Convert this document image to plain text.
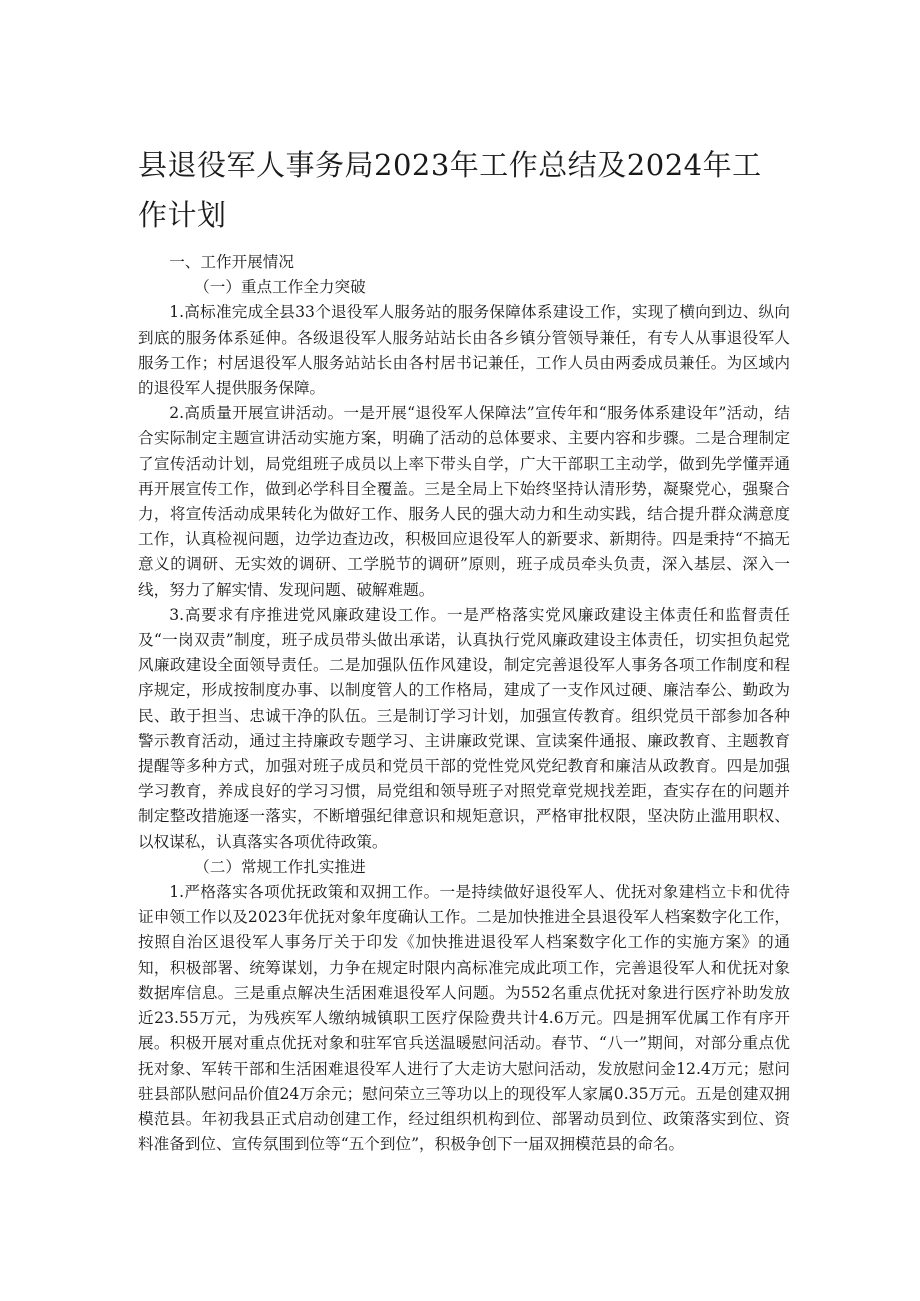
县退役军人事务局2023年工作总结及2024年工作计划

一、工作开展情况

（一）重点工作全力突破

1.高标准完成全县33个退役军人服务站的服务保障体系建设工作，实现了横向到边、纵向到底的服务体系延伸。各级退役军人服务站站长由各乡镇分管领导兼任，有专人从事退役军人服务工作；村居退役军人服务站站长由各村居书记兼任，工作人员由两委成员兼任。为区域内的退役军人提供服务保障。

2.高质量开展宣讲活动。一是开展“退役军人保障法”宣传年和“服务体系建设年”活动，结合实际制定主题宣讲活动实施方案，明确了活动的总体要求、主要内容和步骤。二是合理制定了宣传活动计划，局党组班子成员以上率下带头自学，广大干部职工主动学，做到先学懂弄通再开展宣传工作，做到必学科目全覆盖。三是全局上下始终坚持认清形势，凝聚党心，强聚合力，将宣传活动成果转化为做好工作、服务人民的强大动力和生动实践，结合提升群众满意度工作，认真检视问题，边学边查边改，积极回应退役军人的新要求、新期待。四是秉持“不搞无意义的调研、无实效的调研、工学脱节的调研”原则，班子成员牵头负责，深入基层、深入一线，努力了解实情、发现问题、破解难题。

3.高要求有序推进党风廉政建设工作。一是严格落实党风廉政建设主体责任和监督责任及“一岗双责”制度，班子成员带头做出承诺，认真执行党风廉政建设主体责任，切实担负起党风廉政建设全面领导责任。二是加强队伍作风建设，制定完善退役军人事务各项工作制度和程序规定，形成按制度办事、以制度管人的工作格局，建成了一支作风过硬、廉洁奉公、勤政为民、敢于担当、忠诚干净的队伍。三是制订学习计划，加强宣传教育。组织党员干部参加各种警示教育活动，通过主持廉政专题学习、主讲廉政党课、宣读案件通报、廉政教育、主题教育提醒等多种方式，加强对班子成员和党员干部的党性党风党纪教育和廉洁从政教育。四是加强学习教育，养成良好的学习习惯，局党组和领导班子对照党章党规找差距，查实存在的问题并制定整改措施逐一落实，不断增强纪律意识和规矩意识，严格审批权限，坚决防止滥用职权、以权谋私，认真落实各项优待政策。

（二）常规工作扎实推进

1.严格落实各项优抚政策和双拥工作。一是持续做好退役军人、优抚对象建档立卡和优待证申领工作以及2023年优抚对象年度确认工作。二是加快推进全县退役军人档案数字化工作，按照自治区退役军人事务厅关于印发《加快推进退役军人档案数字化工作的实施方案》的通知，积极部署、统筹谋划，力争在规定时限内高标准完成此项工作，完善退役军人和优抚对象数据库信息。三是重点解决生活困难退役军人问题。为552名重点优抚对象进行医疗补助发放近23.55万元，为残疾军人缴纳城镇职工医疗保险费共计4.6万元。四是拥军优属工作有序开展。积极开展对重点优抚对象和驻军官兵送温暖慰问活动。春节、“八一”期间，对部分重点优抚对象、军转干部和生活困难退役军人进行了大走访大慰问活动，发放慰问金12.4万元；慰问驻县部队慰问品价值24万余元；慰问荣立三等功以上的现役军人家属0.35万元。五是创建双拥模范县。年初我县正式启动创建工作，经过组织机构到位、部署动员到位、政策落实到位、资料准备到位、宣传氛围到位等“五个到位”，积极争创下一届双拥模范县的命名。
